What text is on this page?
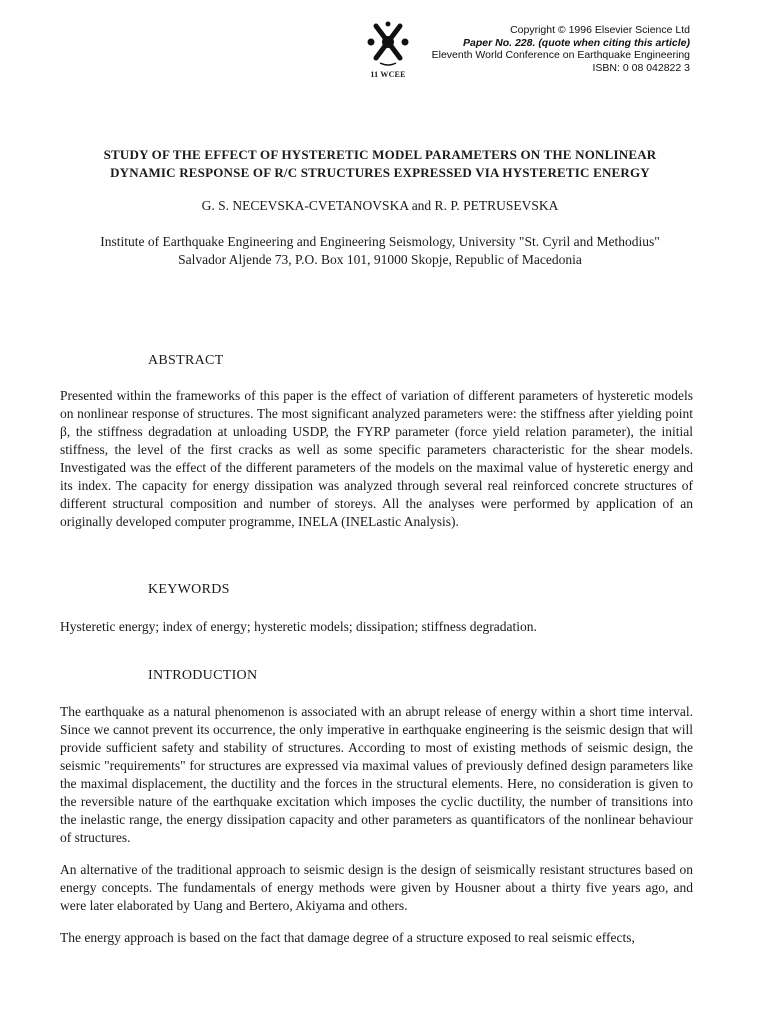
11 WCEE
Copyright © 1996 Elsevier Science Ltd
Paper No. 228. (quote when citing this article)
Eleventh World Conference on Earthquake Engineering
ISBN: 0 08 042822 3
STUDY OF THE EFFECT OF HYSTERETIC MODEL PARAMETERS ON THE NONLINEAR
DYNAMIC RESPONSE OF R/C STRUCTURES EXPRESSED VIA HYSTERETIC ENERGY
G. S. NECEVSKA-CVETANOVSKA and R. P. PETRUSEVSKA
Institute of Earthquake Engineering and Engineering Seismology, University "St. Cyril and Methodius"
Salvador Aljende 73, P.O. Box 101, 91000 Skopje, Republic of Macedonia
ABSTRACT
Presented within the frameworks of this paper is the effect of variation of different parameters of hysteretic models on nonlinear response of structures. The most significant analyzed parameters were: the stiffness after yielding point β, the stiffness degradation at unloading USDP, the FYRP parameter (force yield relation parameter), the initial stiffness, the level of the first cracks as well as some specific parameters characteristic for the shear models. Investigated was the effect of the different parameters of the models on the maximal value of hysteretic energy and its index. The capacity for energy dissipation was analyzed through several real reinforced concrete structures of different structural composition and number of storeys. All the analyses were performed by application of an originally developed computer programme, INELA (INELastic Analysis).
KEYWORDS
Hysteretic energy; index of energy; hysteretic models; dissipation; stiffness degradation.
INTRODUCTION
The earthquake as a natural phenomenon is associated with an abrupt release of energy within a short time interval. Since we cannot prevent its occurrence, the only imperative in earthquake engineering is the seismic design that will provide sufficient safety and stability of structures. According to most of existing methods of seismic design, the seismic "requirements" for structures are expressed via maximal values of previously defined design parameters like the maximal displacement, the ductility and the forces in the structural elements. Here, no consideration is given to the reversible nature of the earthquake excitation which imposes the cyclic ductility, the number of transitions into the inelastic range, the energy dissipation capacity and other parameters as quantificators of the nonlinear behaviour of structures.
An alternative of the traditional approach to seismic design is the design of seismically resistant structures based on energy concepts. The fundamentals of energy methods were given by Housner about a thirty five years ago, and were later elaborated by Uang and Bertero, Akiyama and others.
The energy approach is based on the fact that damage degree of a structure exposed to real seismic effects,
